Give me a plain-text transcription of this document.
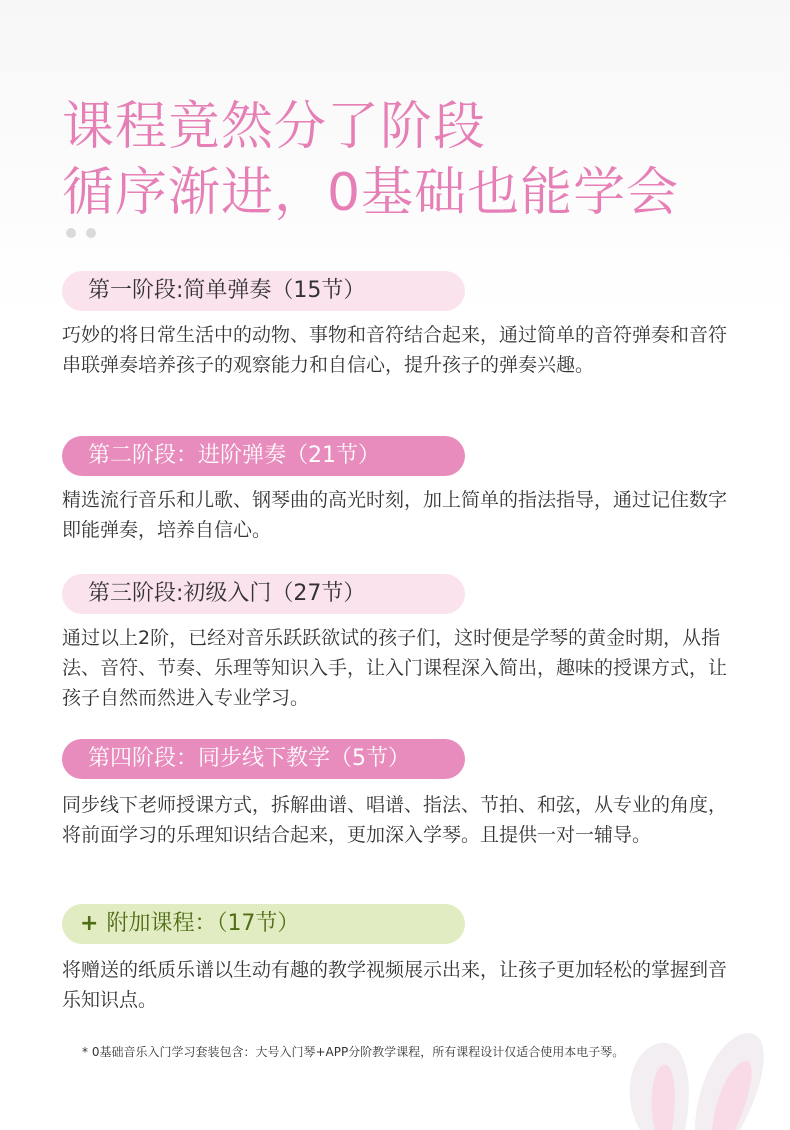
课程竟然分了阶段
循序渐进，0基础也能学会
第一阶段:简单弹奏（15节）

巧妙的将日常生活中的动物、事物和音符结合起来，通过简单的音符弹奏和音符串联弹奏培养孩子的观察能力和自信心，提升孩子的弹奏兴趣。

第二阶段：进阶弹奏（21节）

精选流行音乐和儿歌、钢琴曲的高光时刻，加上简单的指法指导，通过记住数字即能弹奏，培养自信心。

第三阶段:初级入门（27节）

通过以上2阶，已经对音乐跃跃欲试的孩子们，这时便是学琴的黄金时期，从指法、音符、节奏、乐理等知识入手，让入门课程深入简出，趣味的授课方式，让孩子自然而然进入专业学习。

第四阶段：同步线下教学（5节）

同步线下老师授课方式，拆解曲谱、唱谱、指法、节拍、和弦，从专业的角度，将前面学习的乐理知识结合起来，更加深入学琴。且提供一对一辅导。

+ 附加课程：（17节）

将赠送的纸质乐谱以生动有趣的教学视频展示出来，让孩子更加轻松的掌握到音乐知识点。

* 0基础音乐入门学习套装包含：大号入门琴+APP分阶教学课程，所有课程设计仅适合使用本电子琴。
